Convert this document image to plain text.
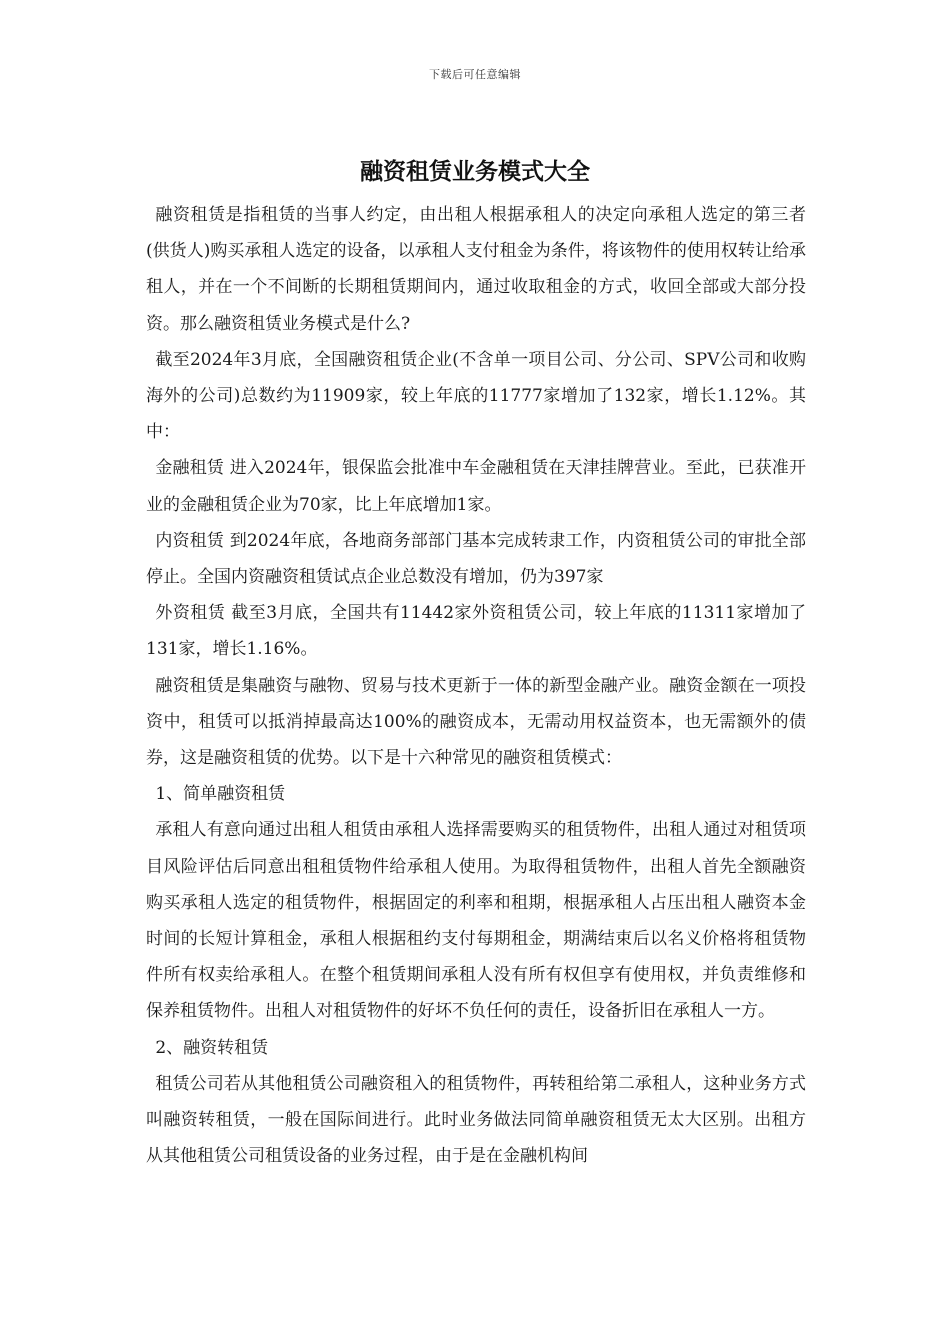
下载后可任意编辑
融资租赁业务模式大全

融资租赁是指租赁的当事人约定，由出租人根据承租人的决定向承租人选定的第三者(供货人)购买承租人选定的设备，以承租人支付租金为条件，将该物件的使用权转让给承租人，并在一个不间断的长期租赁期间内，通过收取租金的方式，收回全部或大部分投资。那么融资租赁业务模式是什么?

截至2024年3月底，全国融资租赁企业(不含单一项目公司、分公司、SPV公司和收购海外的公司)总数约为11909家，较上年底的11777家增加了132家，增长1.12%。其中：

金融租赁 进入2024年，银保监会批准中车金融租赁在天津挂牌营业。至此，已获准开业的金融租赁企业为70家，比上年底增加1家。

内资租赁 到2024年底，各地商务部部门基本完成转隶工作，内资租赁公司的审批全部停止。全国内资融资租赁试点企业总数没有增加，仍为397家

外资租赁 截至3月底，全国共有11442家外资租赁公司，较上年底的11311家增加了131家，增长1.16%。

融资租赁是集融资与融物、贸易与技术更新于一体的新型金融产业。融资金额在一项投资中，租赁可以抵消掉最高达100%的融资成本，无需动用权益资本，也无需额外的债券，这是融资租赁的优势。以下是十六种常见的融资租赁模式：

1、简单融资租赁

承租人有意向通过出租人租赁由承租人选择需要购买的租赁物件，出租人通过对租赁项目风险评估后同意出租租赁物件给承租人使用。为取得租赁物件，出租人首先全额融资购买承租人选定的租赁物件，根据固定的利率和租期，根据承租人占压出租人融资本金时间的长短计算租金，承租人根据租约支付每期租金，期满结束后以名义价格将租赁物件所有权卖给承租人。在整个租赁期间承租人没有所有权但享有使用权，并负责维修和保养租赁物件。出租人对租赁物件的好坏不负任何的责任，设备折旧在承租人一方。

2、融资转租赁

租赁公司若从其他租赁公司融资租入的租赁物件，再转租给第二承租人，这种业务方式叫融资转租赁，一般在国际间进行。此时业务做法同简单融资租赁无太大区别。出租方从其他租赁公司租赁设备的业务过程，由于是在金融机构间
